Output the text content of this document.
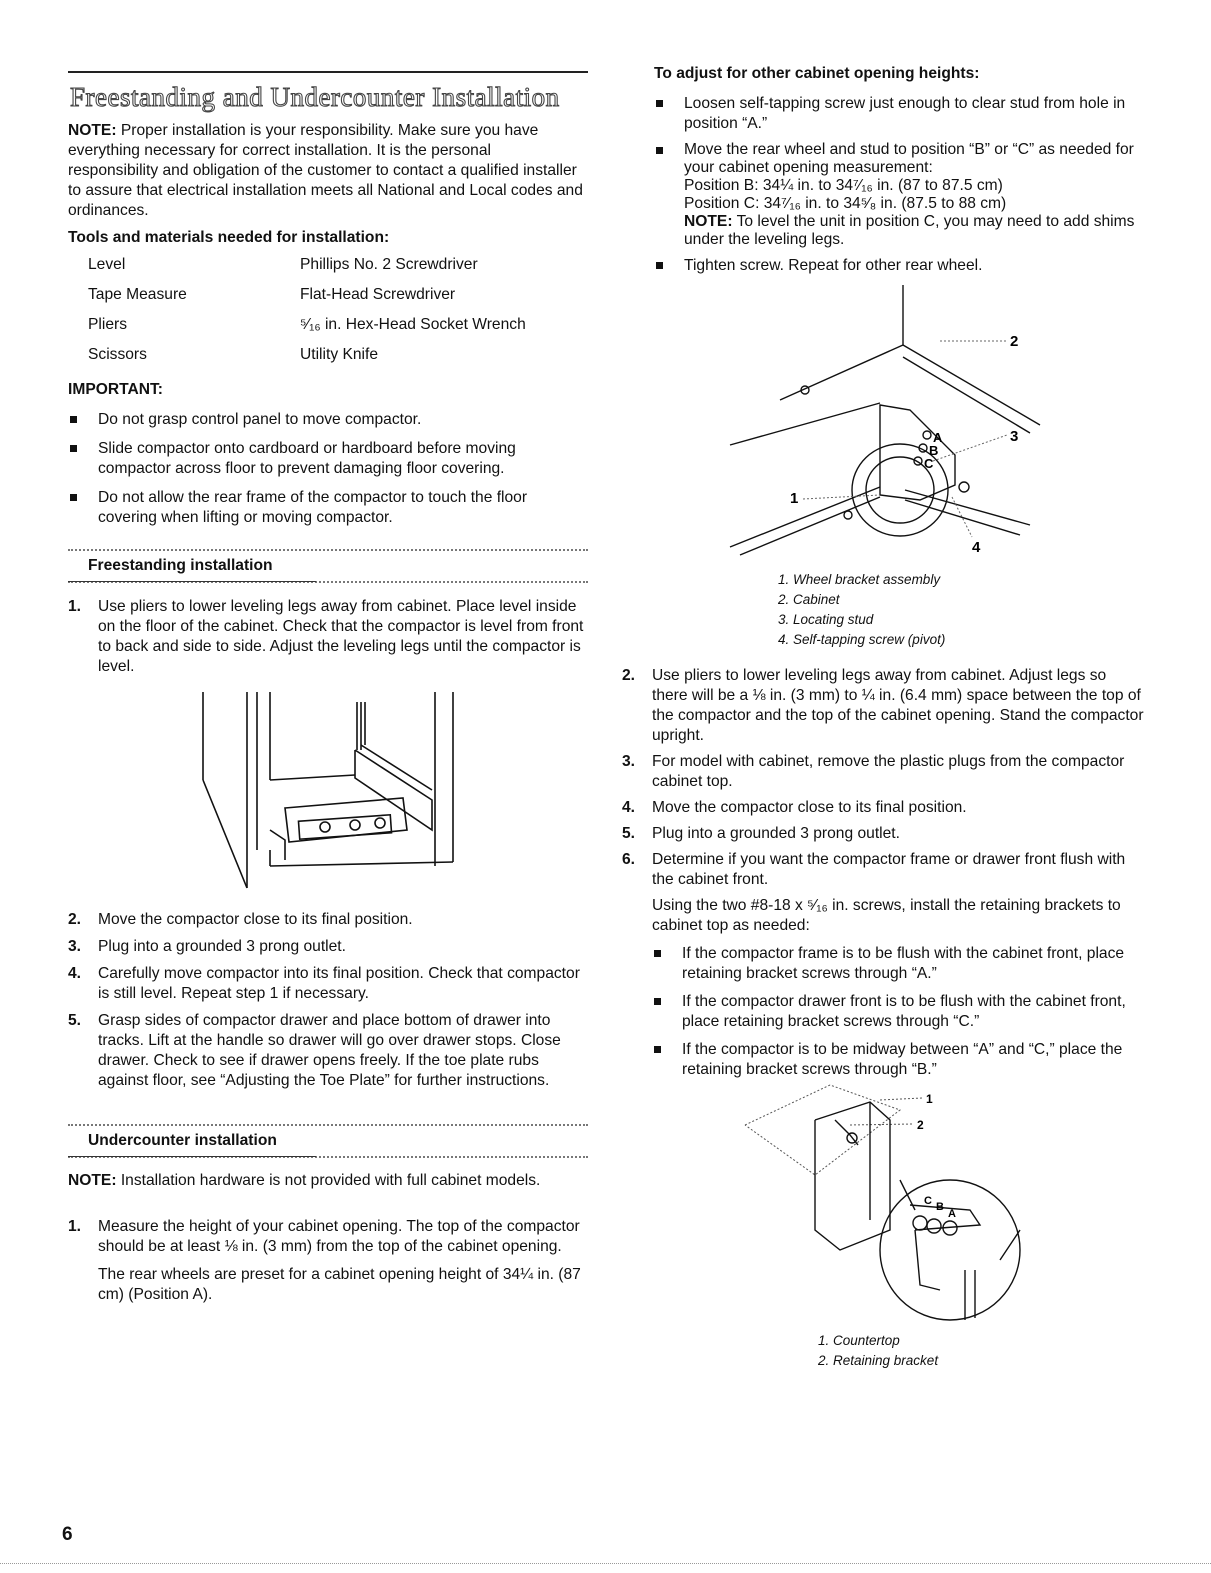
Freestanding and Undercounter Installation

NOTE: Proper installation is your responsibility. Make sure you have everything necessary for correct installation. It is the personal responsibility and obligation of the customer to contact a qualified installer to assure that electrical installation meets all National and Local codes and ordinances.

Tools and materials needed for installation:
Level	Phillips No. 2 Screwdriver
Tape Measure	Flat-Head Screwdriver
Pliers	⁵⁄₁₆ in. Hex-Head Socket Wrench
Scissors	Utility Knife
IMPORTANT:

Do not grasp control panel to move compactor.

Slide compactor onto cardboard or hardboard before moving compactor across floor to prevent damaging floor covering.

Do not allow the rear frame of the compactor to touch the floor covering when lifting or moving compactor.

Freestanding installation

1. Use pliers to lower leveling legs away from cabinet. Place level inside on the floor of the cabinet. Check that the compactor is level from front to back and side to side. Adjust the leveling legs until the compactor is level.

2. Move the compactor close to its final position.

3. Plug into a grounded 3 prong outlet.

4. Carefully move compactor into its final position. Check that compactor is still level. Repeat step 1 if necessary.

5. Grasp sides of compactor drawer and place bottom of drawer into tracks. Lift at the handle so drawer will go over drawer stops. Close drawer. Check to see if drawer opens freely. If the toe plate rubs against floor, see “Adjusting the Toe Plate” for further instructions.

Undercounter installation

NOTE: Installation hardware is not provided with full cabinet models.

1. Measure the height of your cabinet opening. The top of the compactor should be at least ⅛ in. (3 mm) from the top of the cabinet opening.

The rear wheels are preset for a cabinet opening height of 34¼ in. (87 cm) (Position A).

To adjust for other cabinet opening heights:

Loosen self-tapping screw just enough to clear stud from hole in position “A.”

Move the rear wheel and stud to position “B” or “C” as needed for your cabinet opening measurement:

Position B: 34¼ in. to 34⁷⁄₁₆ in. (87 to 87.5 cm)

Position C: 34⁷⁄₁₆ in. to 34⁵⁄₈ in. (87.5 to 88 cm)

NOTE: To level the unit in position C, you may need to add shims under the leveling legs.

Tighten screw. Repeat for other rear wheel.

2
3
1
4
A
B
C

1. Wheel bracket assembly

2. Cabinet

3. Locating stud

4. Self-tapping screw (pivot)

2. Use pliers to lower leveling legs away from cabinet. Adjust legs so there will be a ⅛ in. (3 mm) to ¼ in. (6.4 mm) space between the top of the compactor and the top of the cabinet opening. Stand the compactor upright.

3. For model with cabinet, remove the plastic plugs from the compactor cabinet top.

4. Move the compactor close to its final position.

5. Plug into a grounded 3 prong outlet.

6. Determine if you want the compactor frame or drawer front flush with the cabinet front.

Using the two #8-18 x ⁵⁄₁₆ in. screws, install the retaining brackets to cabinet top as needed:

If the compactor frame is to be flush with the cabinet front, place retaining bracket screws through “A.”

If the compactor drawer front is to be flush with the cabinet front, place retaining bracket screws through “C.”

If the compactor is to be midway between “A” and “C,” place the retaining bracket screws through “B.”

1
2
C B
A

1. Countertop

2. Retaining bracket

6
